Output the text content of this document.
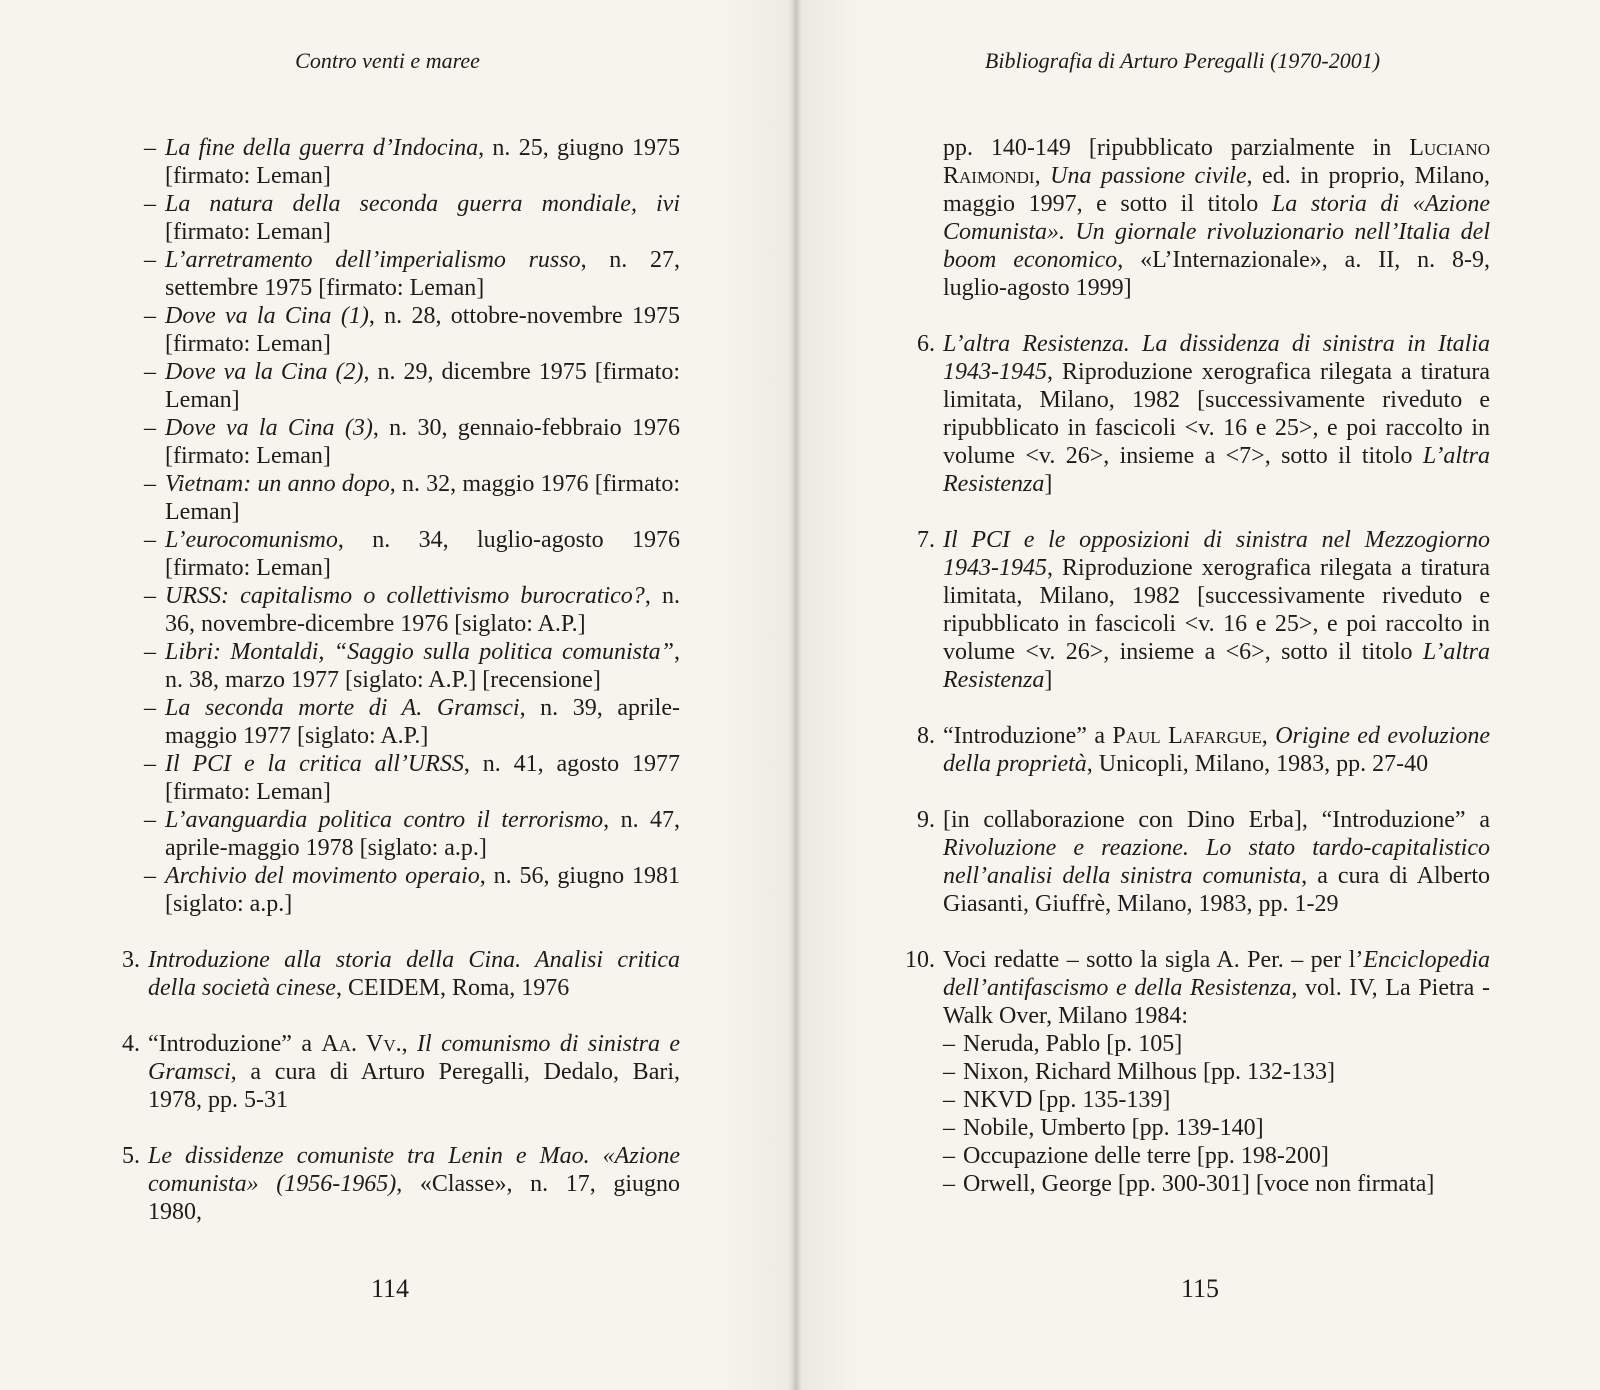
Contro venti e maree
– La fine della guerra d’Indocina, n. 25, giugno 1975 [firmato: Leman]

– La natura della seconda guerra mondiale, ivi [firmato: Leman]

– L’arretramento dell’imperialismo russo, n. 27, settembre 1975 [firmato: Leman]

– Dove va la Cina (1), n. 28, ottobre-novembre 1975 [firmato: Leman]

– Dove va la Cina (2), n. 29, dicembre 1975 [firmato: Leman]

– Dove va la Cina (3), n. 30, gennaio-febbraio 1976 [firmato: Leman]

– Vietnam: un anno dopo, n. 32, maggio 1976 [firmato: Leman]

– L’eurocomunismo, n. 34, luglio-agosto 1976 [firmato: Leman]

– URSS: capitalismo o collettivismo burocratico?, n. 36, novembre-dicembre 1976 [siglato: A.P.]

– Libri: Montaldi, “Saggio sulla politica comunista”, n. 38, marzo 1977 [siglato: A.P.] [recensione]

– La seconda morte di A. Gramsci, n. 39, aprile-maggio 1977 [siglato: A.P.]

– Il PCI e la critica all’URSS, n. 41, agosto 1977 [firmato: Leman]

– L’avanguardia politica contro il terrorismo, n. 47, aprile-maggio 1978 [siglato: a.p.]

– Archivio del movimento operaio, n. 56, giugno 1981 [siglato: a.p.]

3. Introduzione alla storia della Cina. Analisi critica della società cinese, CEIDEM, Roma, 1976

4. “Introduzione” a Aa. Vv., Il comunismo di sinistra e Gramsci, a cura di Arturo Peregalli, Dedalo, Bari, 1978, pp. 5-31

5. Le dissidenze comuniste tra Lenin e Mao. «Azione comunista» (1956-1965), «Classe», n. 17, giugno 1980,

114
Bibliografia di Arturo Peregalli (1970-2001)

pp. 140-149 [ripubblicato parzialmente in Luciano Raimondi, Una passione civile, ed. in proprio, Milano, maggio 1997, e sotto il titolo La storia di «Azione Comunista». Un giornale rivoluzionario nell’Italia del boom economico, «L’Internazionale», a. II, n. 8-9, luglio-agosto 1999]

6. L’altra Resistenza. La dissidenza di sinistra in Italia 1943-1945, Riproduzione xerografica rilegata a tiratura limitata, Milano, 1982 [successivamente riveduto e ripubblicato in fascicoli <v. 16 e 25>, e poi raccolto in volume <v. 26>, insieme a <7>, sotto il titolo L’altra Resistenza]

7. Il PCI e le opposizioni di sinistra nel Mezzogiorno 1943-1945, Riproduzione xerografica rilegata a tiratura limitata, Milano, 1982 [successivamente riveduto e ripubblicato in fascicoli <v. 16 e 25>, e poi raccolto in volume <v. 26>, insieme a <6>, sotto il titolo L’altra Resistenza]

8. “Introduzione” a Paul Lafargue, Origine ed evoluzione della proprietà, Unicopli, Milano, 1983, pp. 27-40

9. [in collaborazione con Dino Erba], “Introduzione” a Rivoluzione e reazione. Lo stato tardo-capitalistico nell’analisi della sinistra comunista, a cura di Alberto Giasanti, Giuffrè, Milano, 1983, pp. 1-29

10. Voci redatte – sotto la sigla A. Per. – per l’Enciclopedia dell’antifascismo e della Resistenza, vol. IV, La Pietra - Walk Over, Milano 1984:

– Neruda, Pablo [p. 105]
– Nixon, Richard Milhous [pp. 132-133]
– NKVD [pp. 135-139]
– Nobile, Umberto [pp. 139-140]
– Occupazione delle terre [pp. 198-200]
– Orwell, George [pp. 300-301] [voce non firmata]
115
